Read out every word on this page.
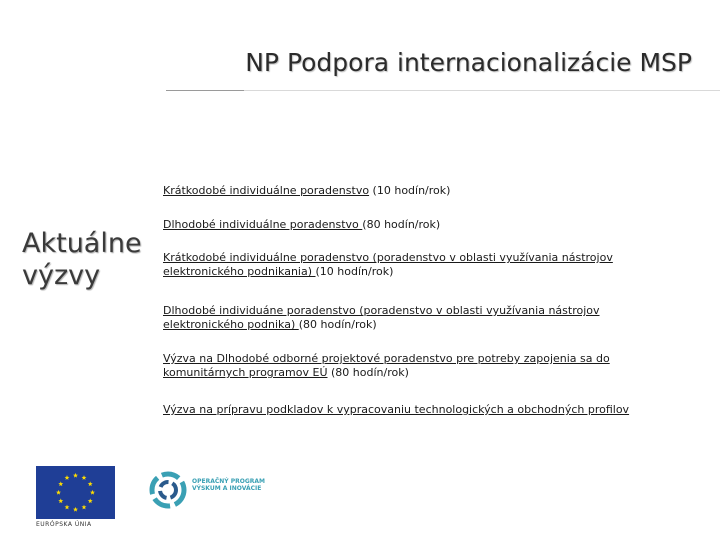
NP Podpora internacionalizácie MSP
Aktuálne
výzvy
Krátkodobé individuálne poradenstvo (10 hodín/rok)
Dlhodobé individuálne poradenstvo (80 hodín/rok)
Krátkodobé individuálne poradenstvo (poradenstvo v oblasti využívania nástrojov elektronického podnikania) (10 hodín/rok)
Dlhodobé individuáne poradenstvo (poradenstvo v oblasti využívania nástrojov elektronického podnika) (80 hodín/rok)
Výzva na Dlhodobé odborné projektové poradenstvo pre potreby zapojenia sa do komunitárnych programov EÚ (80 hodín/rok)
Výzva na prípravu podkladov k vypracovaniu technologických a obchodných profilov
EURÓPSKA ÚNIA
OPERAČNÝ PROGRAM
VÝSKUM A INOVÁCIE
